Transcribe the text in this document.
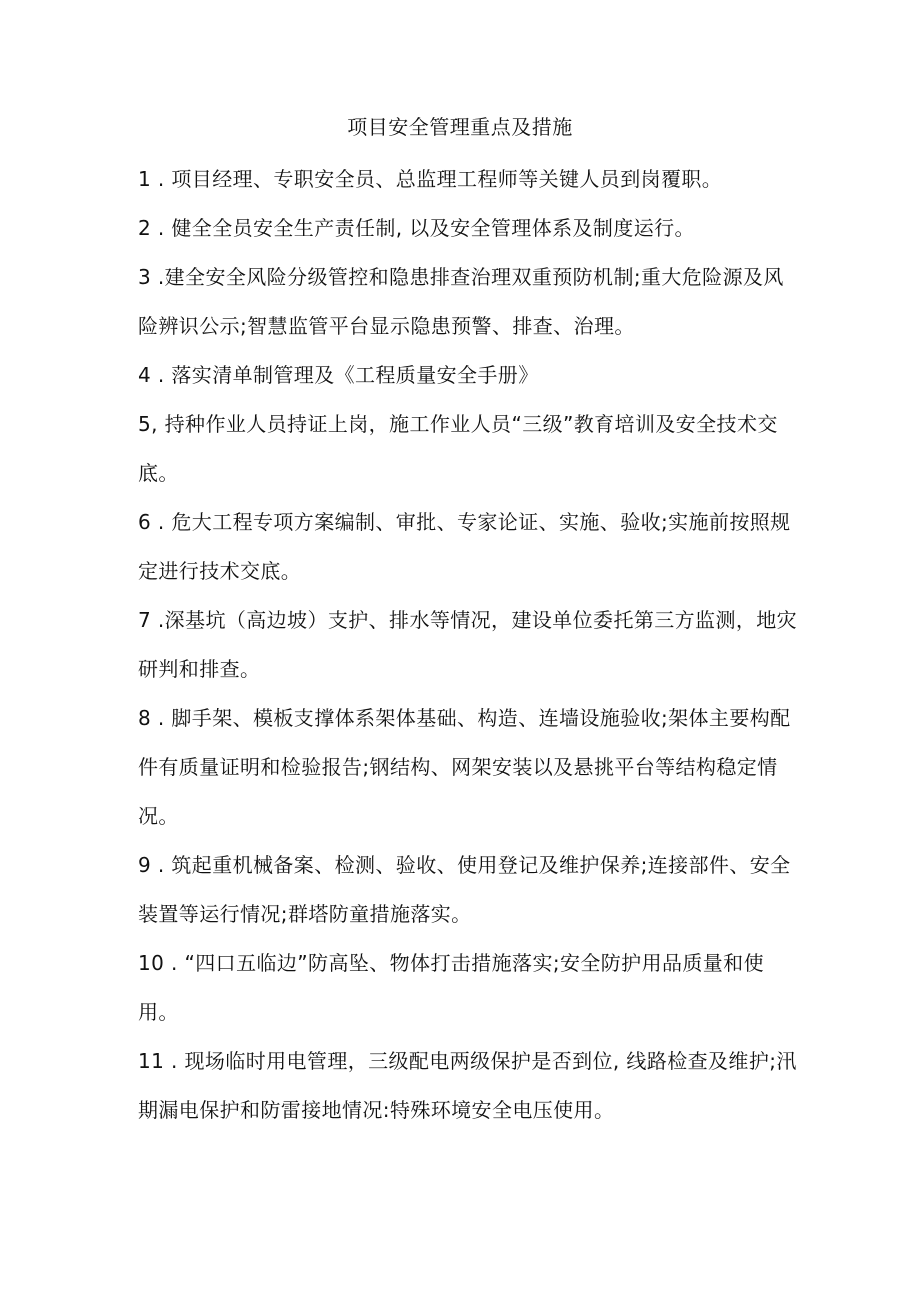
项目安全管理重点及措施

1 . 项目经理、专职安全员、总监理工程师等关键人员到岗覆职。

2 . 健全全员安全生产责任制, 以及安全管理体系及制度运行。

3 .建全安全风险分级管控和隐患排查治理双重预防机制;重大危险源及风险辨识公示;智慧监管平台显示隐患预警、排查、治理。

4 . 落实清单制管理及《工程质量安全手册》

5, 持种作业人员持证上岗，施工作业人员“三级”教育培训及安全技术交底。

6 . 危大工程专项方案编制、审批、专家论证、实施、验收;实施前按照规定进行技术交底。

7 .深基坑（高边坡）支护、排水等情况，建设单位委托第三方监测，地灾研判和排查。

8 . 脚手架、模板支撑体系架体基础、构造、连墙设施验收;架体主要构配件有质量证明和检验报告;钢结构、网架安装以及悬挑平台等结构稳定情况。

9 . 筑起重机械备案、检测、验收、使用登记及维护保养;连接部件、安全装置等运行情况;群塔防童措施落实。

10 . “四口五临边”防高坠、物体打击措施落实;安全防护用品质量和使用。

11 . 现场临时用电管理，三级配电两级保护是否到位, 线路检查及维护;汛期漏电保护和防雷接地情况:特殊环境安全电压使用。
